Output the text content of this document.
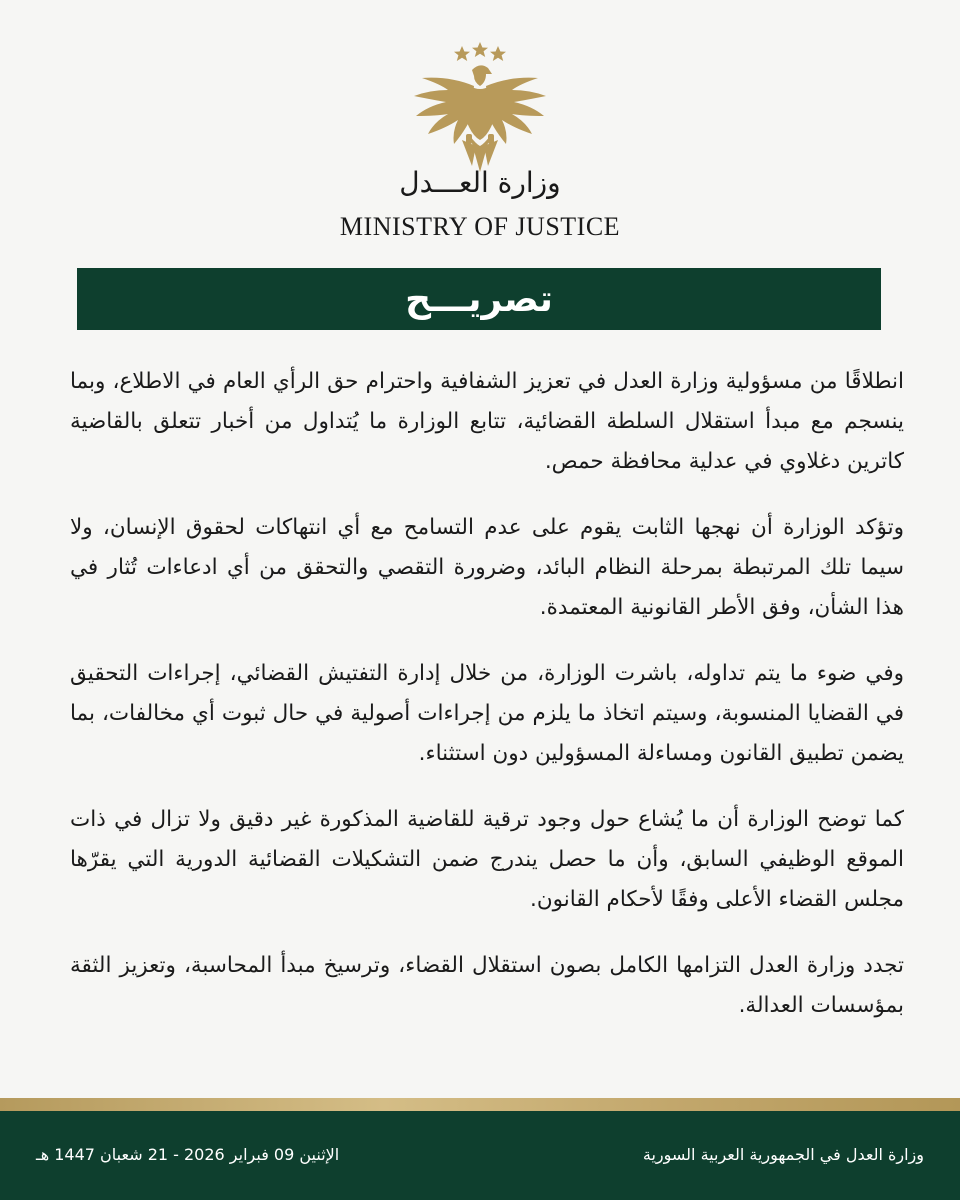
وزارة العـــدل
MINISTRY OF JUSTICE
تصريـــح

انطلاقًا من مسؤولية وزارة العدل في تعزيز الشفافية واحترام حق الرأي العام في الاطلاع، وبما ينسجم مع مبدأ استقلال السلطة القضائية، تتابع الوزارة ما يُتداول من أخبار تتعلق بالقاضية كاترين دغلاوي في عدلية محافظة حمص.

وتؤكد الوزارة أن نهجها الثابت يقوم على عدم التسامح مع أي انتهاكات لحقوق الإنسان، ولا سيما تلك المرتبطة بمرحلة النظام البائد، وضرورة التقصي والتحقق من أي ادعاءات تُثار في هذا الشأن، وفق الأطر القانونية المعتمدة.

وفي ضوء ما يتم تداوله، باشرت الوزارة، من خلال إدارة التفتيش القضائي، إجراءات التحقيق في القضايا المنسوبة، وسيتم اتخاذ ما يلزم من إجراءات أصولية في حال ثبوت أي مخالفات، بما يضمن تطبيق القانون ومساءلة المسؤولين دون استثناء.

كما توضح الوزارة أن ما يُشاع حول وجود ترقية للقاضية المذكورة غير دقيق ولا تزال في ذات الموقع الوظيفي السابق، وأن ما حصل يندرج ضمن التشكيلات القضائية الدورية التي يقرّها مجلس القضاء الأعلى وفقًا لأحكام القانون.

تجدد وزارة العدل التزامها الكامل بصون استقلال القضاء، وترسيخ مبدأ المحاسبة، وتعزيز الثقة بمؤسسات العدالة.

وزارة العدل في الجمهورية العربية السورية
الإثنين 09 فبراير 2026 - 21 شعبان 1447 هـ
